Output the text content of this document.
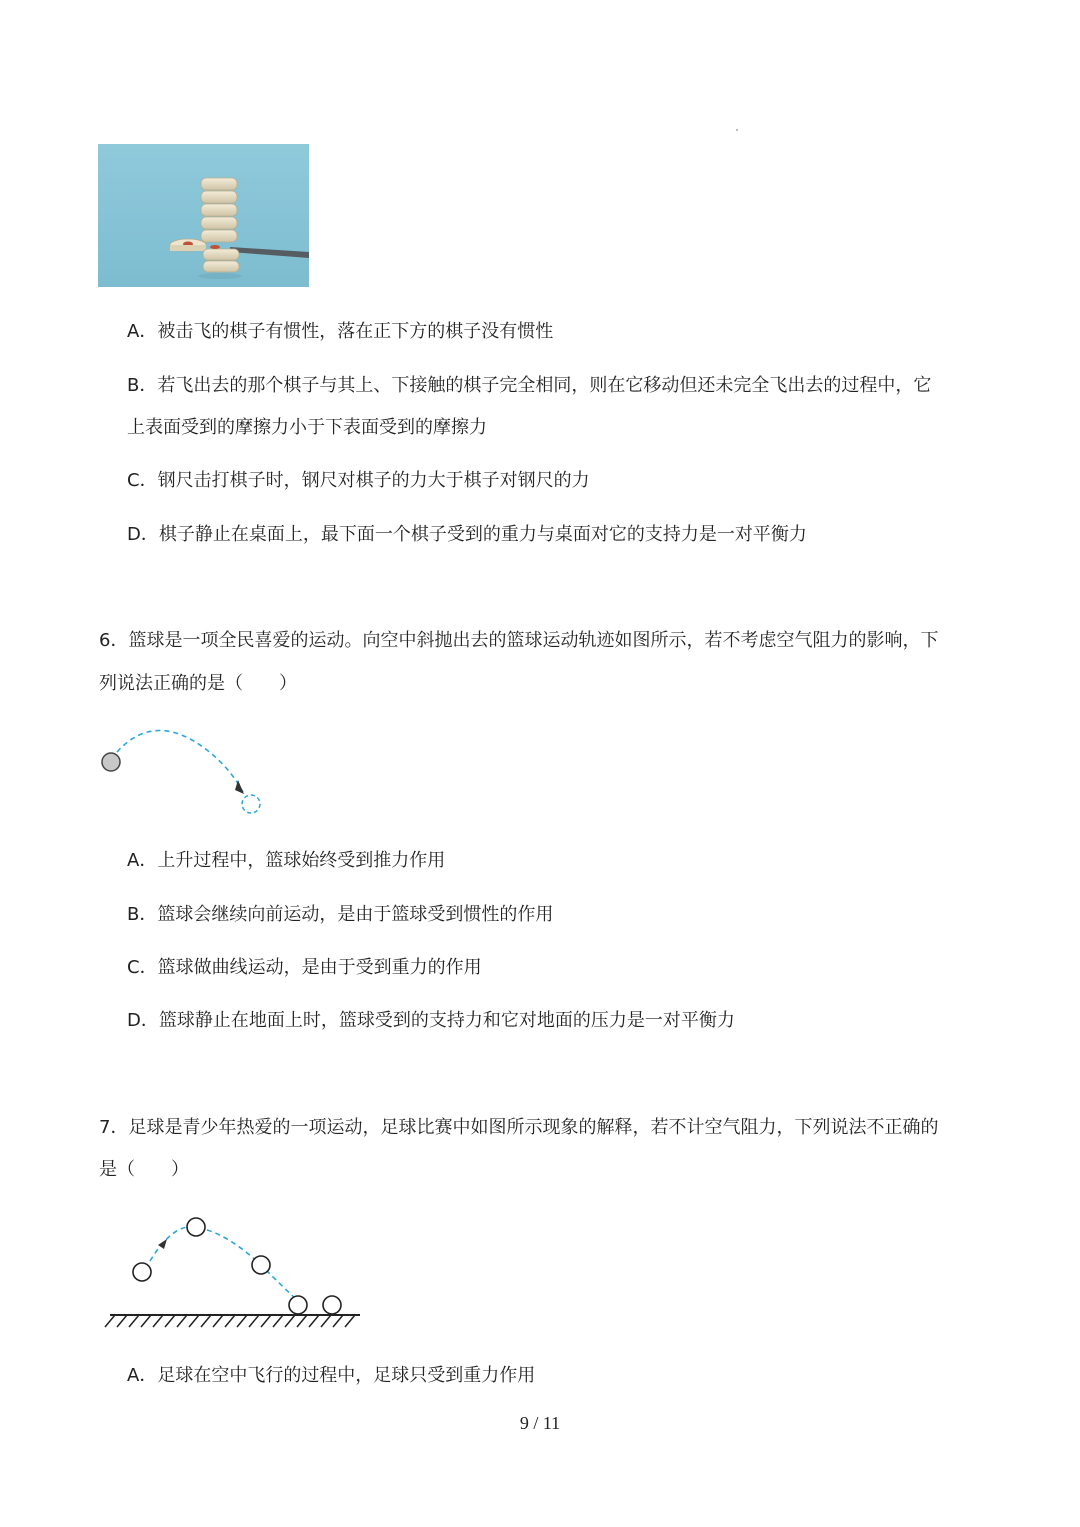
A．被击飞的棋子有惯性，落在正下方的棋子没有惯性
B．若飞出去的那个棋子与其上、下接触的棋子完全相同，则在它移动但还未完全飞出去的过程中，它
上表面受到的摩擦力小于下表面受到的摩擦力
C．钢尺击打棋子时，钢尺对棋子的力大于棋子对钢尺的力
D．棋子静止在桌面上，最下面一个棋子受到的重力与桌面对它的支持力是一对平衡力
6．篮球是一项全民喜爱的运动。向空中斜抛出去的篮球运动轨迹如图所示，若不考虑空气阻力的影响，下
列说法正确的是（　　）
A．上升过程中，篮球始终受到推力作用
B．篮球会继续向前运动，是由于篮球受到惯性的作用
C．篮球做曲线运动，是由于受到重力的作用
D．篮球静止在地面上时，篮球受到的支持力和它对地面的压力是一对平衡力
7．足球是青少年热爱的一项运动，足球比赛中如图所示现象的解释，若不计空气阻力，下列说法不正确的
是（　　）
A．足球在空中飞行的过程中，足球只受到重力作用
9 / 11
